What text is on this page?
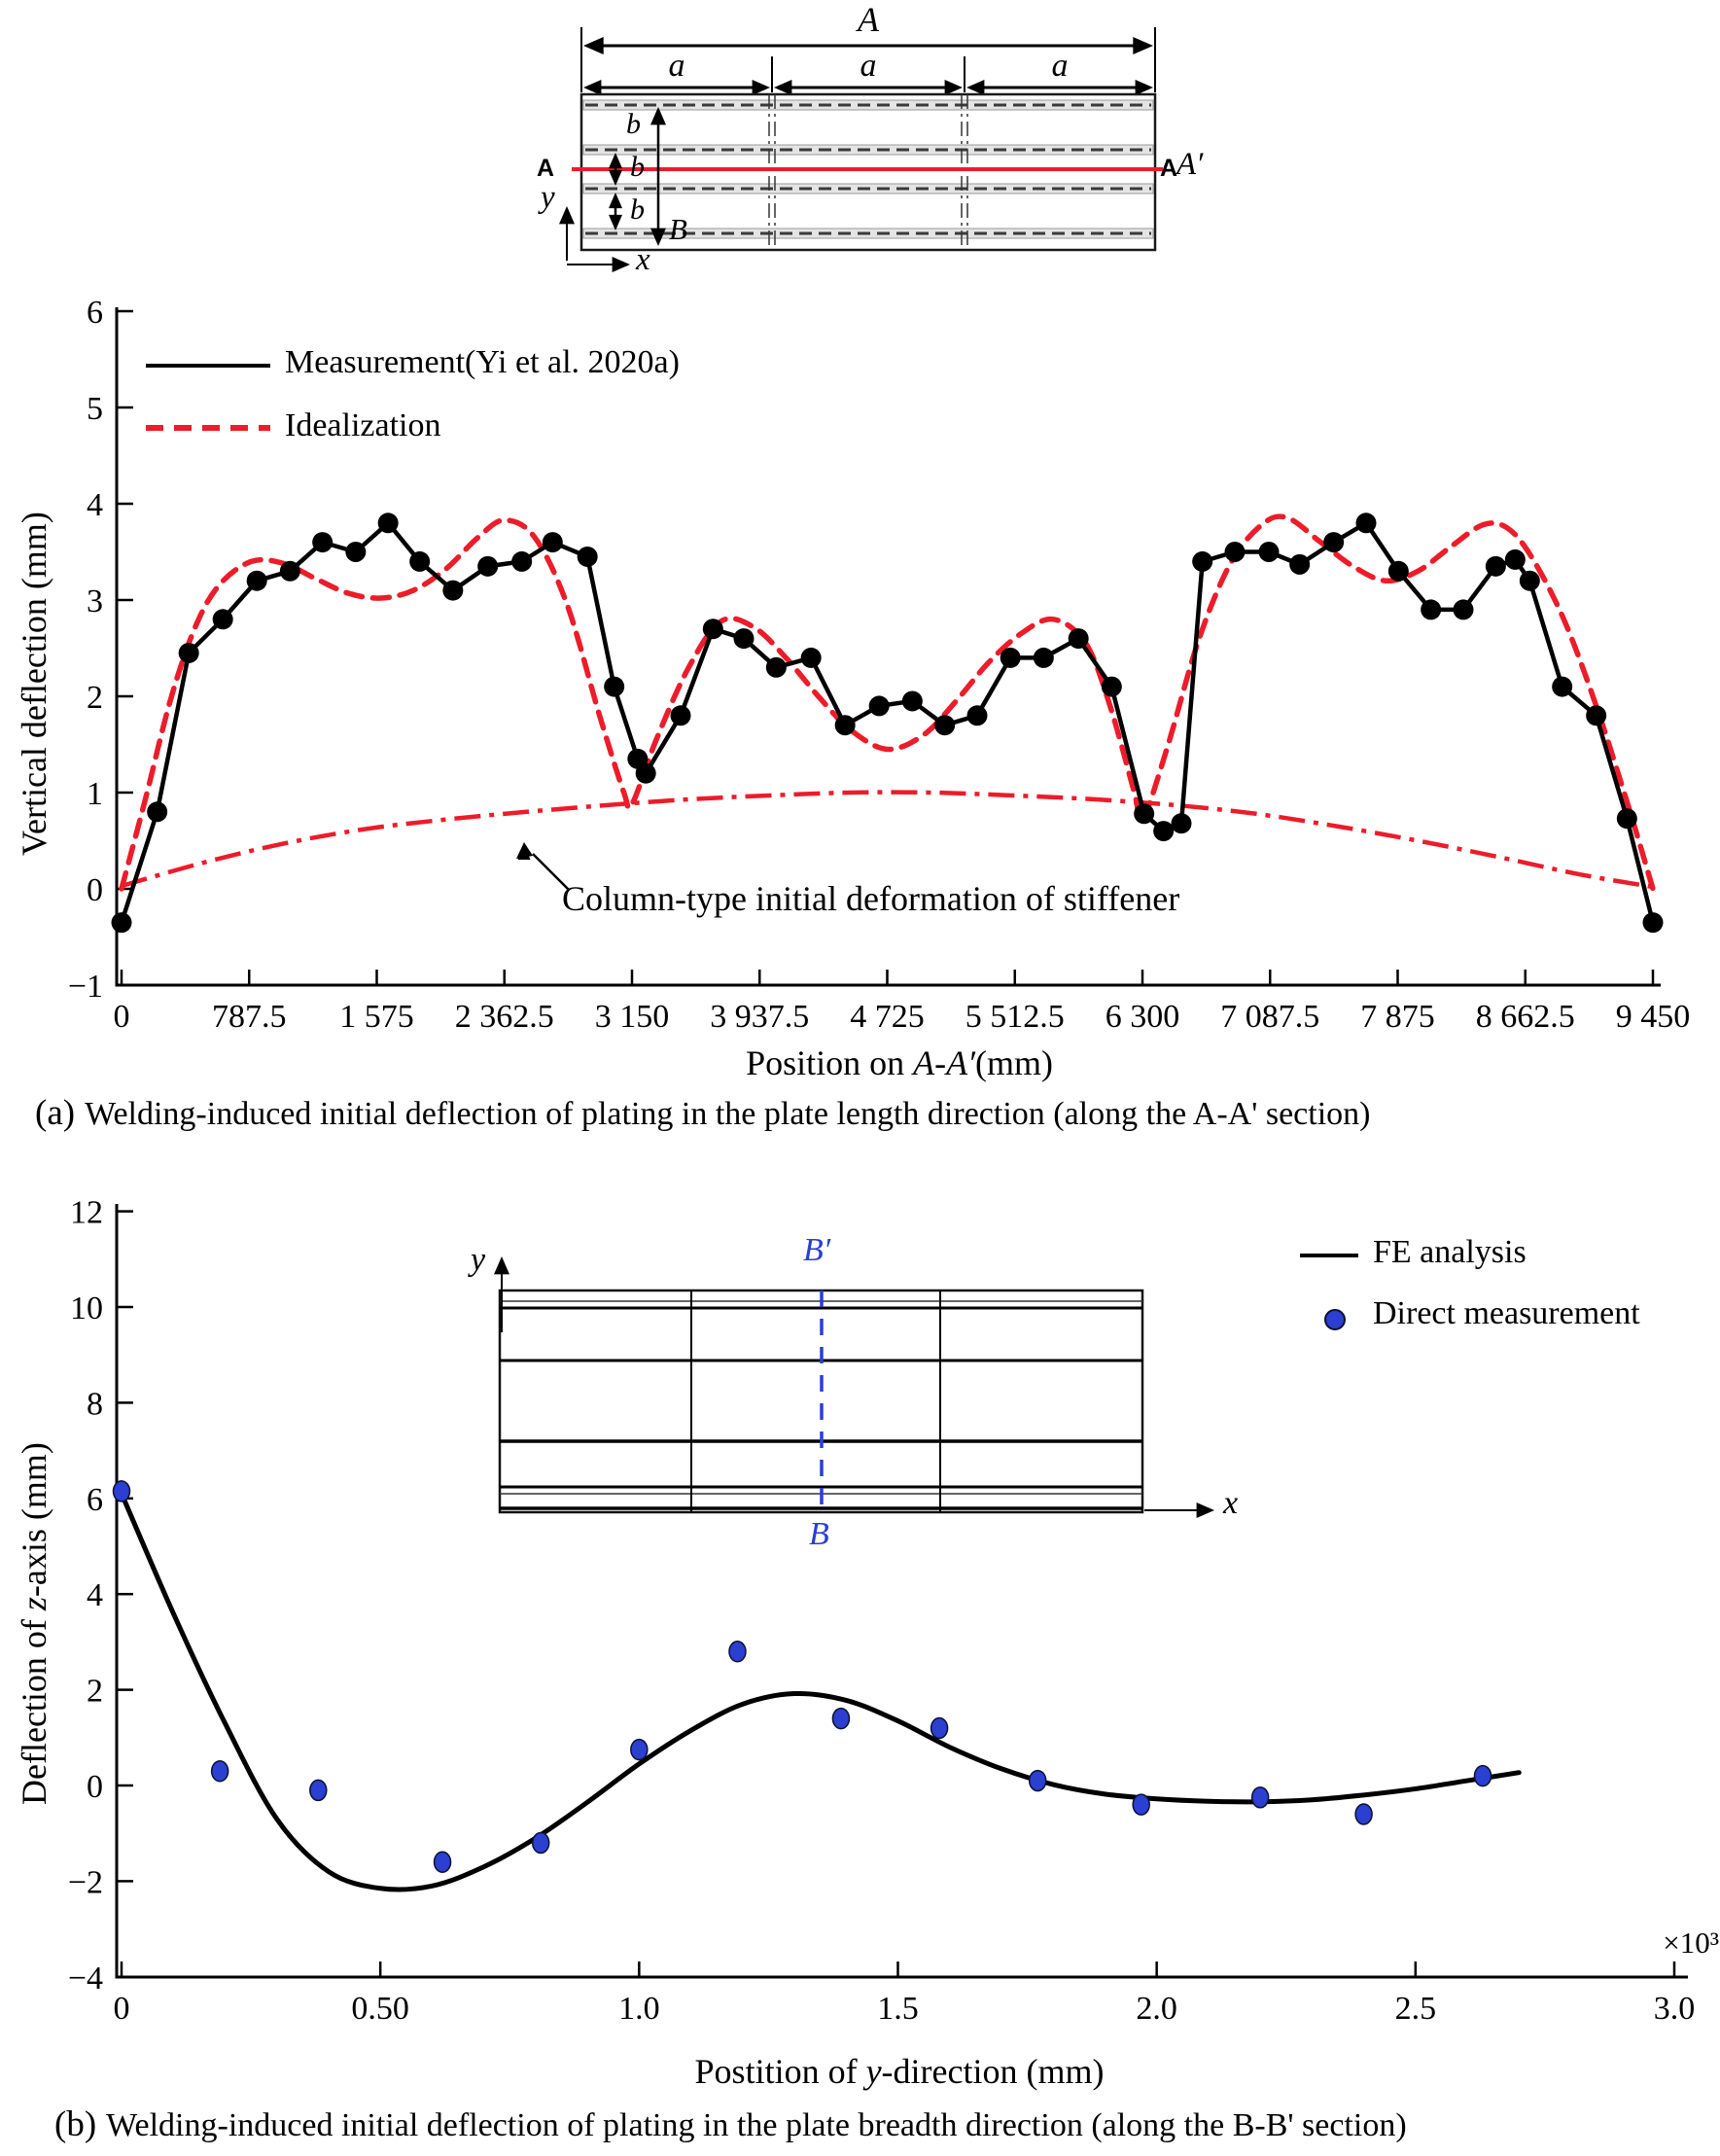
6
5
4
3
2
1
0
−1
0 787.5 1 575 2 362.5 3 150 3 937.5 4 725 5 512.5 6 300 7 087.5 7 875 8 662.5 9 450
12
10
8
6
4
2
0
−2
−4
0	0.50	1.0	1.5	2.0	2.5	3.0
A
a	a	a
b
b
b
B
A	A
A′
y
x
Measurement(Yi et al. 2020a)
Idealization
Column-type initial deformation of stiffener
Position on A-A′(mm)
Vertical deflection (mm)
(a) Welding-induced initial deflection of plating in the plate length direction (along the A-A' section)
y
x
B′
B
FE analysis
Direct measurement
Postition of y-direction (mm)
Deflection of z-axis (mm)
×10³
(b) Welding-induced initial deflection of plating in the plate breadth direction (along the B-B' section)
